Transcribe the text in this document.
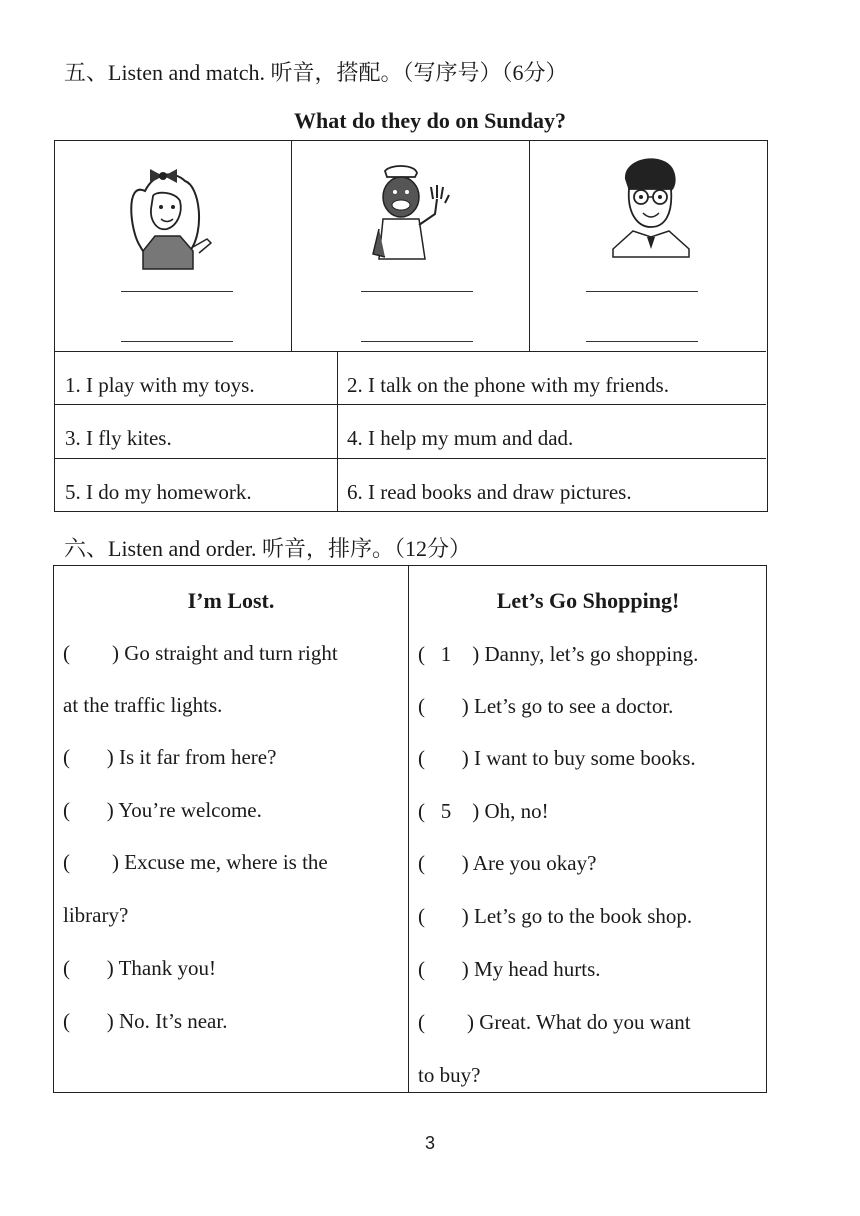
五、Listen and match. 听音，搭配。（写序号）（6分）
What do they do on Sunday?
1. I play with my toys.	2. I talk on the phone with my friends.
3. I fly kites.	4. I help my mum and dad.
5. I do my homework.	6. I read books and draw pictures.
六、Listen and order. 听音，排序。（12分）
I’m Lost.	Let’s Go Shopping!
(        ) Go straight and turn right
at the traffic lights.
(       ) Is it far from here?
(       ) You’re welcome.
(        ) Excuse me, where is the
library?
(       ) Thank you!
(       ) No. It’s near.
(   1    ) Danny, let’s go shopping.
(       ) Let’s go to see a doctor.
(       ) I want to buy some books.
(   5    ) Oh, no!
(       ) Are you okay?
(       ) Let’s go to the book shop.
(       ) My head hurts.
(        ) Great. What do you want
to buy?
3
